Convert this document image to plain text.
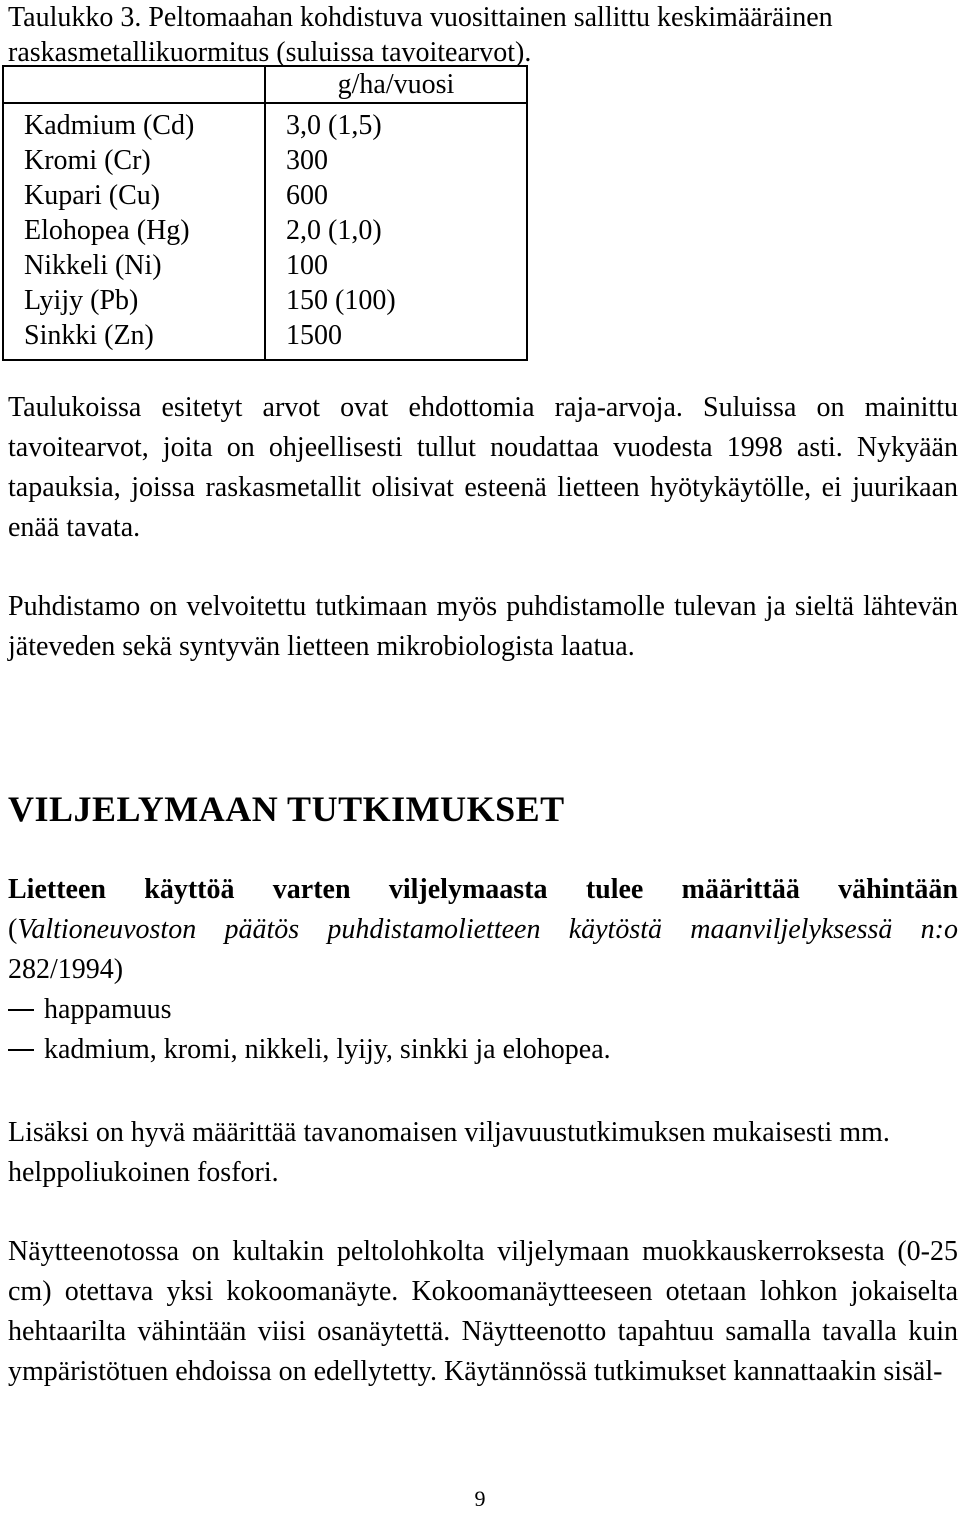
Taulukko 3. Peltomaahan kohdistuva vuosittainen sallittu keskimääräinen raskasmetallikuormitus (suluissa tavoitearvot).
	g/ha/vuosi
Kadmium (Cd)	3,0 (1,5)
Kromi (Cr)	300
Kupari (Cu)	600
Elohopea (Hg)	2,0 (1,0)
Nikkeli (Ni)	100
Lyijy (Pb)	150 (100)
Sinkki (Zn)	1500
Taulukoissa esitetyt arvot ovat ehdottomia raja-arvoja. Suluissa on mainittu tavoitearvot, joita on ohjeellisesti tullut noudattaa vuodesta 1998 asti. Nykyään tapauksia, joissa raskasmetallit olisivat esteenä lietteen hyötykäytölle, ei juurikaan enää tavata.
Puhdistamo on velvoitettu tutkimaan myös puhdistamolle tulevan ja sieltä lähtevän jäteveden sekä syntyvän lietteen mikrobiologista laatua.
VILJELYMAAN TUTKIMUKSET
Lietteen käyttöä varten viljelymaasta tulee määrittää vähintään (Valtioneuvoston päätös puhdistamolietteen käytöstä maanviljelyksessä n:o 282/1994)
happamuus
kadmium, kromi, nikkeli, lyijy, sinkki ja elohopea.
Lisäksi on hyvä määrittää tavanomaisen viljavuustutkimuksen mukaisesti mm. helppoliukoinen fosfori.
Näytteenotossa on kultakin peltolohkolta viljelymaan muokkauskerroksesta (0-25 cm) otettava yksi kokoomanäyte. Kokoomanäytteeseen otetaan lohkon jokaiselta hehtaarilta vähintään viisi osanäytettä. Näytteenotto tapahtuu samalla tavalla kuin ympäristötuen ehdoissa on edellytetty. Käytännössä tutkimukset kannattaakin sisäl-
9
